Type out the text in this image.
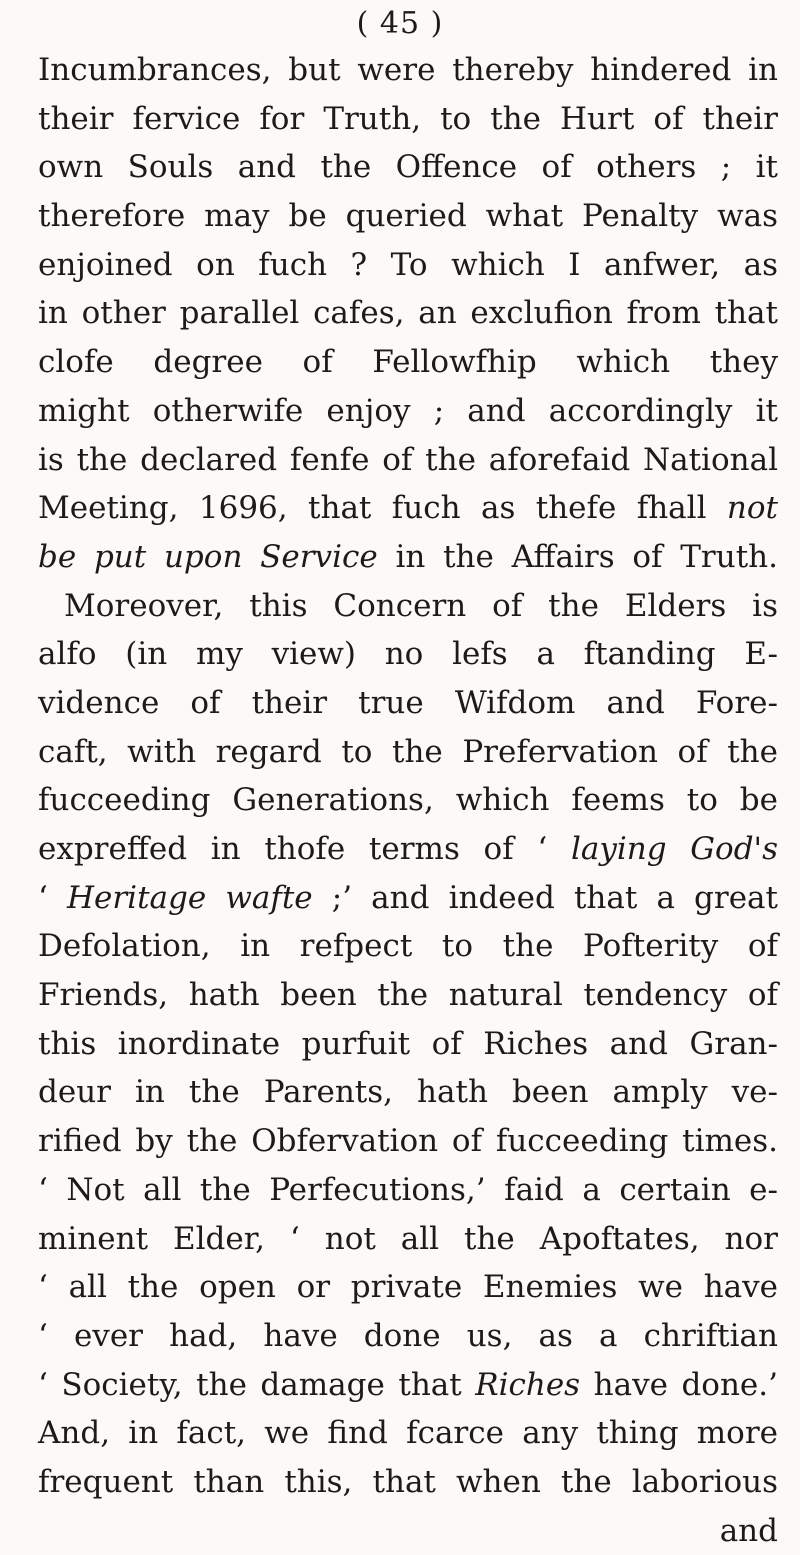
( 45 )
Incumbrances, but were thereby hindered in
their fervice for Truth, to the Hurt of their
own Souls and the Offence of others ; it
therefore may be queried what Penalty was
enjoined on fuch ? To which I anfwer, as
in other parallel cafes, an exclufion from that
clofe degree of Fellowfhip which they
might otherwife enjoy ; and accordingly it
is the declared fenfe of the aforefaid National
Meeting, 1696, that fuch as thefe fhall not
be put upon Service in the Affairs of Truth.
Moreover, this Concern of the Elders is
alfo (in my view) no lefs a ftanding E-
vidence of their true Wifdom and Fore-
caft, with regard to the Prefervation of the
fucceeding Generations, which feems to be
expreffed in thofe terms of ‘ laying God's
‘ Heritage wafte ;’ and indeed that a great
Defolation, in refpect to the Pofterity of
Friends, hath been the natural tendency of
this inordinate purfuit of Riches and Gran-
deur in the Parents, hath been amply ve-
rified by the Obfervation of fucceeding times.
‘ Not all the Perfecutions,’ faid a certain e-
minent Elder, ‘ not all the Apoftates, nor
‘ all the open or private Enemies we have
‘ ever had, have done us, as a chriftian
‘ Society, the damage that Riches have done.’
And, in fact, we find fcarce any thing more
frequent than this, that when the laborious
and
